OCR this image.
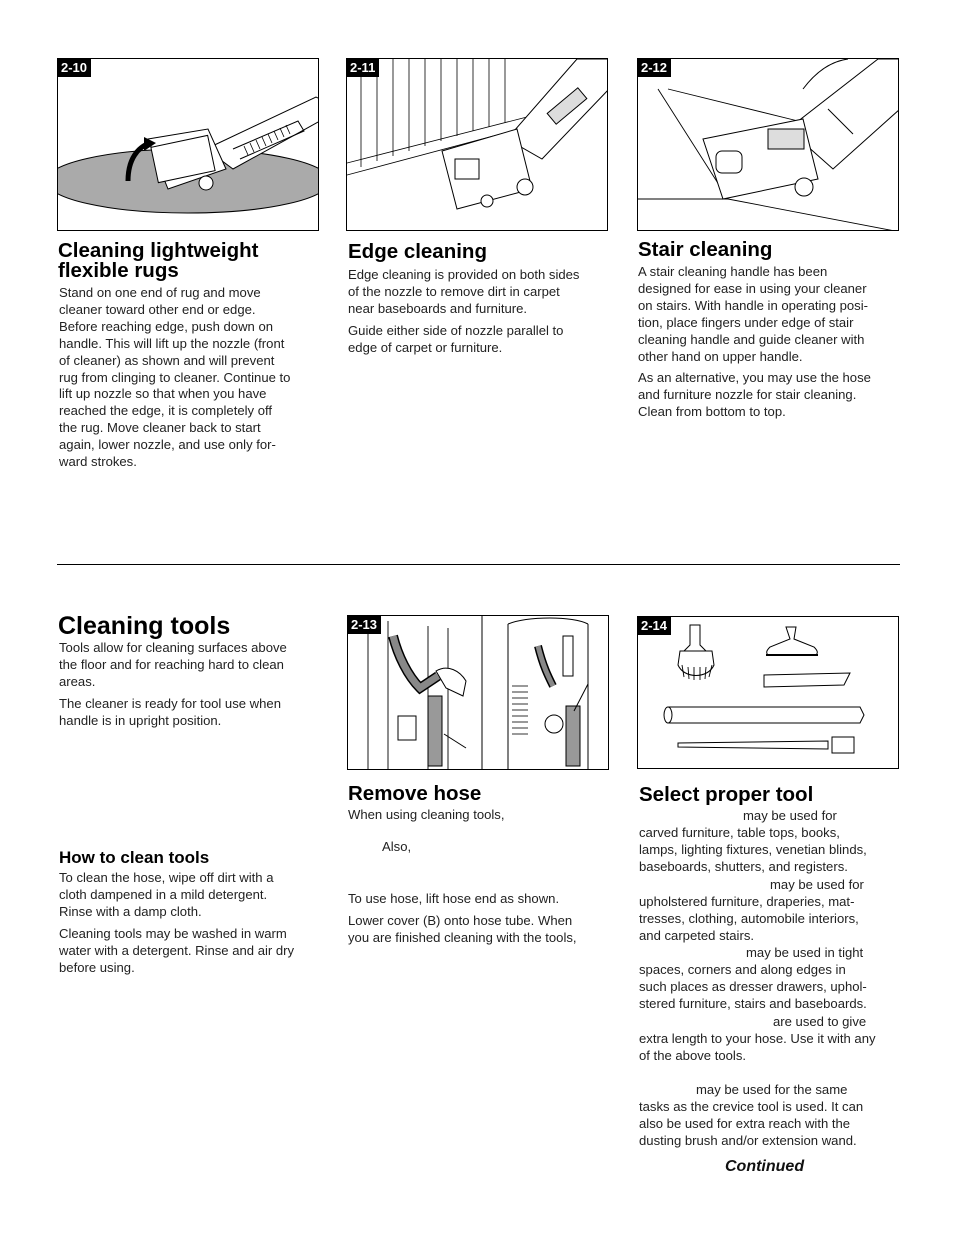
2-10	2-11	2-12
Cleaning lightweight
flexible rugs

Stand on one end of rug and move
cleaner toward other end or edge.
Before reaching edge, push down on
handle. This will lift up the nozzle (front
of cleaner) as shown and will prevent
rug from clinging to cleaner. Continue to
lift up nozzle so that when you have
reached the edge, it is completely off
the rug. Move cleaner back to start
again, lower nozzle, and use only for-
ward strokes.

Edge cleaning

Edge cleaning is provided on both sides
of the nozzle to remove dirt in carpet
near baseboards and furniture.

Guide either side of nozzle parallel to
edge of carpet or furniture.

Stair cleaning

A stair cleaning handle has been
designed for ease in using your cleaner
on stairs. With handle in operating posi-
tion, place fingers under edge of stair
cleaning handle and guide cleaner with
other hand on upper handle.

As an alternative, you may use the hose
and furniture nozzle for stair cleaning.
Clean from bottom to top.

Cleaning tools

Tools allow for cleaning surfaces above
the floor and for reaching hard to clean
areas.

The cleaner is ready for tool use when
handle is in upright position.

How to clean tools

To clean the hose, wipe off dirt with a
cloth dampened in a mild detergent.
Rinse with a damp cloth.

Cleaning tools may be washed in warm
water with a detergent. Rinse and air dry
before using.

2-13
Remove hose
When using cleaning tools,
Also,
To use hose, lift hose end as shown.
Lower cover (B) onto hose tube. When
you are finished cleaning with the tools,
2-14
Select proper tool
may be used for
carved furniture, table tops, books,
lamps, lighting fixtures, venetian blinds,
baseboards, shutters, and registers.
may be used for
upholstered furniture, draperies, mat-
tresses, clothing, automobile interiors,
and carpeted stairs.
may be used in tight
spaces, corners and along edges in
such places as dresser drawers, uphol-
stered furniture, stairs and baseboards.
are used to give
extra length to your hose. Use it with any
of the above tools.
may be used for the same
tasks as the crevice tool is used. It can
also be used for extra reach with the
dusting brush and/or extension wand.
Continued
